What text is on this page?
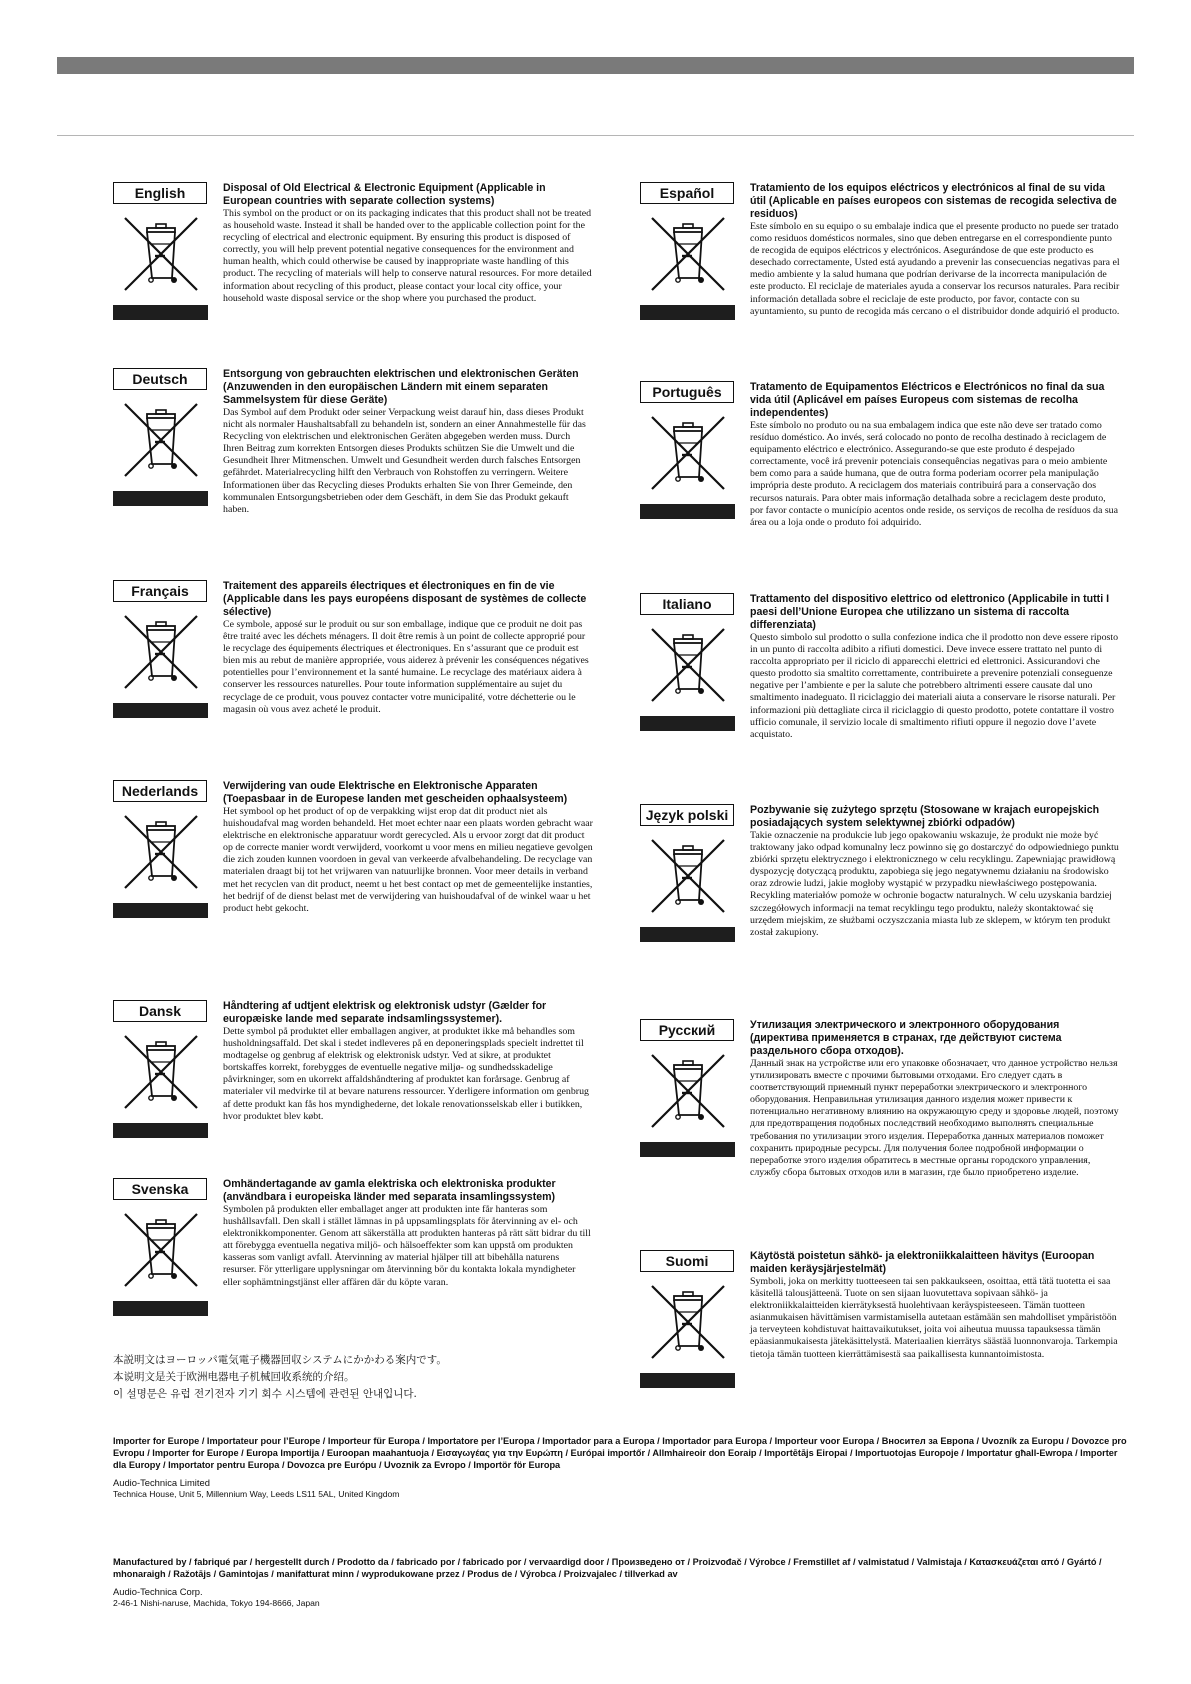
English	Disposal of Old Electrical & Electronic Equipment (Applicable in European countries with separate collection systems)

This symbol on the product or on its packaging indicates that this product shall not be treated as household waste. Instead it shall be handed over to the applicable collection point for the recycling of electrical and electronic equipment. By ensuring this product is disposed of correctly, you will help prevent potential negative consequences for the environment and human health, which could otherwise be caused by inappropriate waste handling of this product. The recycling of materials will help to conserve natural resources. For more detailed information about recycling of this product, please contact your local city office, your household waste disposal service or the shop where you purchased the product.

Deutsch	Entsorgung von gebrauchten elektrischen und elektronischen Geräten (Anzuwenden in den europäischen Ländern mit einem separaten Sammelsystem für diese Geräte)

Das Symbol auf dem Produkt oder seiner Verpackung weist darauf hin, dass dieses Produkt nicht als normaler Haushaltsabfall zu behandeln ist, sondern an einer Annahmestelle für das Recycling von elektrischen und elektronischen Geräten abgegeben werden muss. Durch Ihren Beitrag zum korrekten Entsorgen dieses Produkts schützen Sie die Umwelt und die Gesundheit Ihrer Mitmenschen. Umwelt und Gesundheit werden durch falsches Entsorgen gefährdet. Materialrecycling hilft den Verbrauch von Rohstoffen zu verringern. Weitere Informationen über das Recycling dieses Produkts erhalten Sie von Ihrer Gemeinde, den kommunalen Entsorgungsbetrieben oder dem Geschäft, in dem Sie das Produkt gekauft haben.

Français	Traitement des appareils électriques et électroniques en fin de vie (Applicable dans les pays européens disposant de systèmes de collecte sélective)

Ce symbole, apposé sur le produit ou sur son emballage, indique que ce produit ne doit pas être traité avec les déchets ménagers. Il doit être remis à un point de collecte approprié pour le recyclage des équipements électriques et électroniques. En s’assurant que ce produit est bien mis au rebut de manière appropriée, vous aiderez à prévenir les conséquences négatives potentielles pour l’environnement et la santé humaine. Le recyclage des matériaux aidera à conserver les ressources naturelles. Pour toute information supplémentaire au sujet du recyclage de ce produit, vous pouvez contacter votre municipalité, votre déchetterie ou le magasin où vous avez acheté le produit.

Nederlands	Verwijdering van oude Elektrische en Elektronische Apparaten (Toepasbaar in de Europese landen met gescheiden ophaalsysteem)

Het symbool op het product of op de verpakking wijst erop dat dit product niet als huishoudafval mag worden behandeld. Het moet echter naar een plaats worden gebracht waar elektrische en elektronische apparatuur wordt gerecycled. Als u ervoor zorgt dat dit product op de correcte manier wordt verwijderd, voorkomt u voor mens en milieu negatieve gevolgen die zich zouden kunnen voordoen in geval van verkeerde afvalbehandeling. De recyclage van materialen draagt bij tot het vrijwaren van natuurlijke bronnen. Voor meer details in verband met het recyclen van dit product, neemt u het best contact op met de gemeentelijke instanties, het bedrijf of de dienst belast met de verwijdering van huishoudafval of de winkel waar u het product hebt gekocht.

Dansk	Håndtering af udtjent elektrisk og elektronisk udstyr (Gælder for europæiske lande med separate indsamlingssystemer).

Dette symbol på produktet eller emballagen angiver, at produktet ikke må behandles som husholdningsaffald. Det skal i stedet indleveres på en deponeringsplads specielt indrettet til modtagelse og genbrug af elektrisk og elektronisk udstyr. Ved at sikre, at produktet bortskaffes korrekt, forebygges de eventuelle negative miljø- og sundhedsskadelige påvirkninger, som en ukorrekt affaldshåndtering af produktet kan forårsage. Genbrug af materialer vil medvirke til at bevare naturens ressourcer. Yderligere information om genbrug af dette produkt kan fås hos myndighederne, det lokale renovationsselskab eller i butikken, hvor produktet blev købt.

Svenska	Omhändertagande av gamla elektriska och elektroniska produkter (användbara i europeiska länder med separata insamlingssystem)

Symbolen på produkten eller emballaget anger att produkten inte får hanteras som hushållsavfall. Den skall i stället lämnas in på uppsamlingsplats för återvinning av el- och elektronikkomponenter. Genom att säkerställa att produkten hanteras på rätt sätt bidrar du till att förebygga eventuella negativa miljö- och hälsoeffekter som kan uppstå om produkten kasseras som vanligt avfall. Återvinning av material hjälper till att bibehålla naturens resurser. För ytterligare upplysningar om återvinning bör du kontakta lokala myndigheter eller sophämtningstjänst eller affären där du köpte varan.

Español	Tratamiento de los equipos eléctricos y electrónicos al final de su vida útil (Aplicable en países europeos con sistemas de recogida selectiva de residuos)

Este símbolo en su equipo o su embalaje indica que el presente producto no puede ser tratado como residuos domésticos normales, sino que deben entregarse en el correspondiente punto de recogida de equipos eléctricos y electrónicos. Asegurándose de que este producto es desechado correctamente, Usted está ayudando a prevenir las consecuencias negativas para el medio ambiente y la salud humana que podrían derivarse de la incorrecta manipulación de este producto. El reciclaje de materiales ayuda a conservar los recursos naturales. Para recibir información detallada sobre el reciclaje de este producto, por favor, contacte con su ayuntamiento, su punto de recogida más cercano o el distribuidor donde adquirió el producto.

Português	Tratamento de Equipamentos Eléctricos e Electrónicos no final da sua vida útil (Aplicável em países Europeus com sistemas de recolha independentes)

Este símbolo no produto ou na sua embalagem indica que este não deve ser tratado como resíduo doméstico. Ao invés, será colocado no ponto de recolha destinado à reciclagem de equipamento eléctrico e electrónico. Assegurando-se que este produto é despejado correctamente, você irá prevenir potenciais consequências negativas para o meio ambiente bem como para a saúde humana, que de outra forma poderiam ocorrer pela manipulação imprópria deste produto. A reciclagem dos materiais contribuirá para a conservação dos recursos naturais. Para obter mais informação detalhada sobre a reciclagem deste produto, por favor contacte o município acentos onde reside, os serviços de recolha de resíduos da sua área ou a loja onde o produto foi adquirido.

Italiano	Trattamento del dispositivo elettrico od elettronico (Applicabile in tutti I paesi dell’Unione Europea che utilizzano un sistema di raccolta differenziata)

Questo simbolo sul prodotto o sulla confezione indica che il prodotto non deve essere riposto in un punto di raccolta adibito a rifiuti domestici. Deve invece essere trattato nel punto di raccolta appropriato per il riciclo di apparecchi elettrici ed elettronici. Assicurandovi che questo prodotto sia smaltito correttamente, contribuirete a prevenire potenziali conseguenze negative per l’ambiente e per la salute che potrebbero altrimenti essere causate dal uno smaltimento inadeguato. Il riciclaggio dei materiali aiuta a conservare le risorse naturali. Per informazioni più dettagliate circa il riciclaggio di questo prodotto, potete contattare il vostro ufficio comunale, il servizio locale di smaltimento rifiuti oppure il negozio dove l’avete acquistato.

Język polski	Pozbywanie się zużytego sprzętu (Stosowane w krajach europejskich posiadających system selektywnej zbiórki odpadów)

Takie oznaczenie na produkcie lub jego opakowaniu wskazuje, że produkt nie może być traktowany jako odpad komunalny lecz powinno się go dostarczyć do odpowiedniego punktu zbiórki sprzętu elektrycznego i elektronicznego w celu recyklingu. Zapewniając prawidłową dyspozycję dotyczącą produktu, zapobiega się jego negatywnemu działaniu na środowisko oraz zdrowie ludzi, jakie mogłoby wystąpić w przypadku niewłaściwego postępowania. Recykling materiałów pomoże w ochronie bogactw naturalnych. W celu uzyskania bardziej szczegółowych informacji na temat recyklingu tego produktu, należy skontaktować się urzędem miejskim, ze służbami oczyszczania miasta lub ze sklepem, w którym ten produkt został zakupiony.

Русский	Утилизация электрического и электронного оборудования (директива применяется в странах, где действуют система раздельного сбора отходов).

Данный знак на устройстве или его упаковке обозначает, что данное устройство нельзя утилизировать вместе с прочими бытовыми отходами. Его следует сдать в соответствующий приемный пункт переработки электрического и электронного оборудования. Неправильная утилизация данного изделия может привести к потенциально негативному влиянию на окружающую среду и здоровье людей, поэтому для предотвращения подобных последствий необходимо выполнять специальные требования по утилизации этого изделия. Переработка данных материалов поможет сохранить природные ресурсы. Для получения более подробной информации о переработке этого изделия обратитесь в местные органы городского управления, службу сбора бытовых отходов или в магазин, где было приобретено изделие.

Suomi	Käytöstä poistetun sähkö- ja elektroniikkalaitteen hävitys (Euroopan maiden keräysjärjestelmät)

Symboli, joka on merkitty tuotteeseen tai sen pakkaukseen, osoittaa, että tätä tuotetta ei saa käsitellä talousjätteenä. Tuote on sen sijaan luovutettava sopivaan sähkö- ja elektroniikkalaitteiden kierrätyksestä huolehtivaan keräyspisteeseen. Tämän tuotteen asianmukaisen hävittämisen varmistamisella autetaan estämään sen mahdolliset ympäristöön ja terveyteen kohdistuvat haittavaikutukset, joita voi aiheutua muussa tapauksessa tämän epäasianmukaisesta jätekäsittelystä. Materiaalien kierrätys säästää luonnonvaroja. Tarkempia tietoja tämän tuotteen kierrättämisestä saa paikallisesta kunnantoimistosta.

本説明文はヨーロッパ電気電子機器回収システムにかかわる案内です。
本说明文是关于欧洲电器电子机械回收系统的介绍。
이 설명문은 유럽 전기전자 기기 회수 시스템에 관련된 안내입니다.
Importer for Europe / Importateur pour l’Europe / Importeur für Europa / Importatore per l’Europa / Importador para a Europa / Importador para Europa / Importeur voor Europa / Вноситeл за Европа / Uvozník za Europu / Dovozce pro Evropu / Importer for Europe / Europa Importija / Euroopan maahantuoja / Εισαγωγέας για την Ευρώπη / Európai importőr / Allmhaireoir don Eoraip / Importētājs Eiropai / Importuotojas Europoje / Importatur għall-Ewropa / Importer dla Europy / Importator pentru Europa / Dovozca pre Európu / Uvoznik za Evropo / Importör för Europa
Audio-Technica Limited
Technica House, Unit 5, Millennium Way, Leeds LS11 5AL, United Kingdom
Manufactured by / fabriqué par / hergestellt durch / Prodotto da / fabricado por / fabricado por / vervaardigd door / Произведено от / Proizvođač / Výrobce / Fremstillet af / valmistatud / Valmistaja / Κατασκευάζεται από / Gyártó / mhonaraigh / Ražotājs / Gamintojas / manifatturat minn / wyprodukowane przez / Produs de / Výrobca / Proizvajalec / tillverkad av
Audio-Technica Corp.
2-46-1 Nishi-naruse, Machida, Tokyo 194-8666, Japan
